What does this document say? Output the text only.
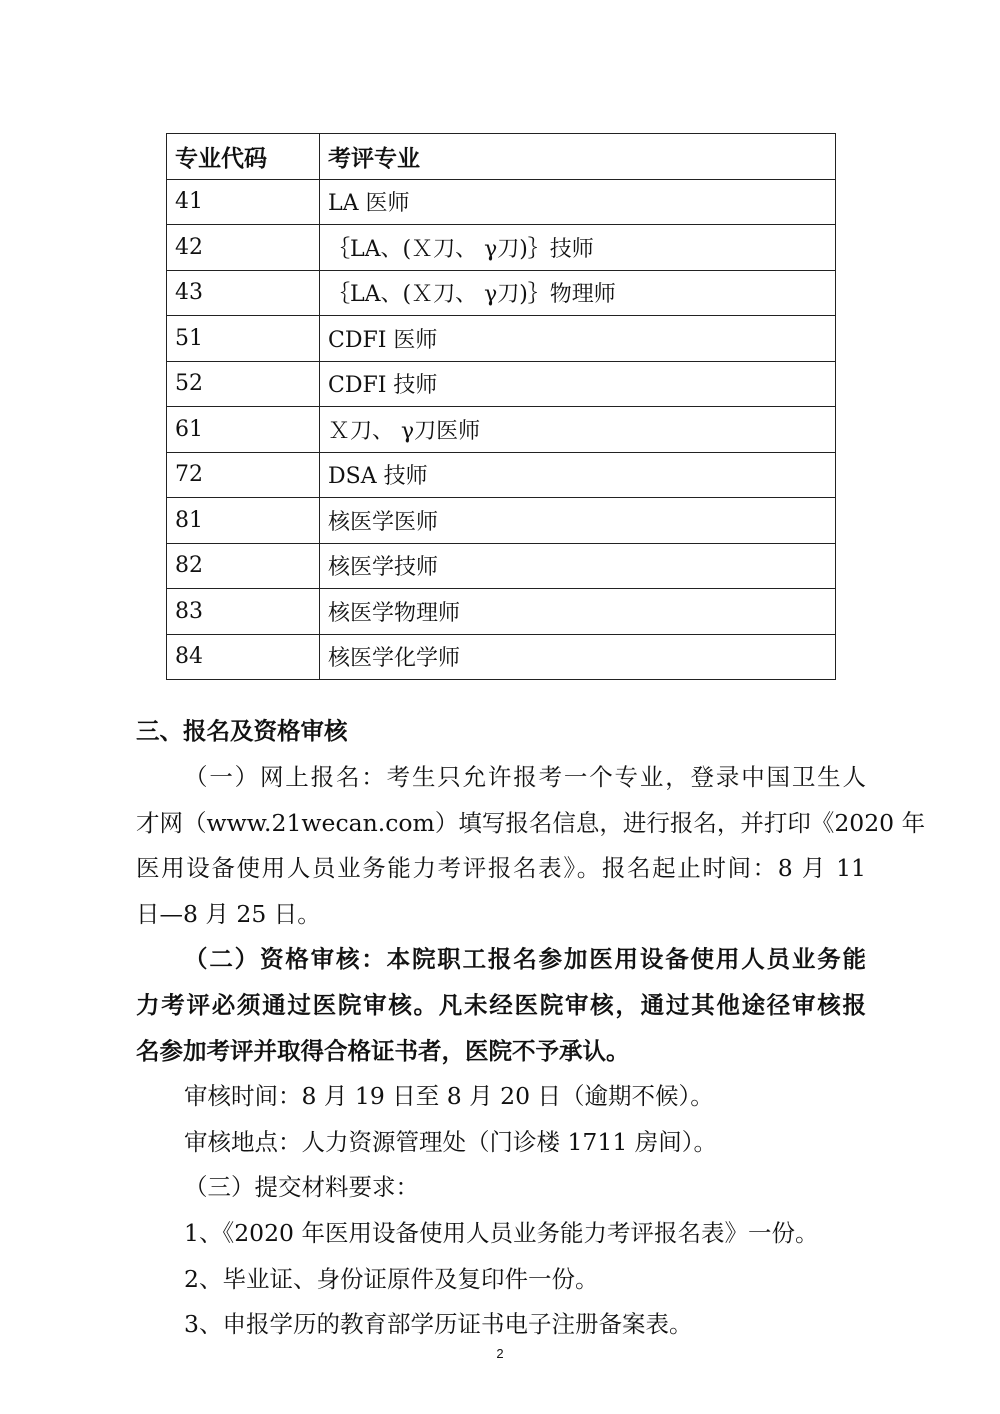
专业代码	考评专业
41	LA 医师
42	｛LA、(Ｘ刀、 γ刀)｝技师
43	｛LA、(Ｘ刀、 γ刀)｝物理师
51	CDFI 医师
52	CDFI 技师
61	Ｘ刀、 γ刀医师
72	DSA 技师
81	核医学医师
82	核医学技师
83	核医学物理师
84	核医学化学师
三、报名及资格审核
（一）网上报名：考生只允许报考一个专业，登录中国卫生人
才网（www.21wecan.com）填写报名信息，进行报名，并打印《2020 年
医用设备使用人员业务能力考评报名表》。报名起止时间：8 月 11
日—8 月 25 日。
（二）资格审核：本院职工报名参加医用设备使用人员业务能
力考评必须通过医院审核。凡未经医院审核，通过其他途径审核报
名参加考评并取得合格证书者，医院不予承认。
审核时间：8 月 19 日至 8 月 20 日（逾期不候）。
审核地点：人力资源管理处（门诊楼 1711 房间）。
（三）提交材料要求：
1、《2020 年医用设备使用人员业务能力考评报名表》一份。
2、毕业证、身份证原件及复印件一份。
3、申报学历的教育部学历证书电子注册备案表。
2
